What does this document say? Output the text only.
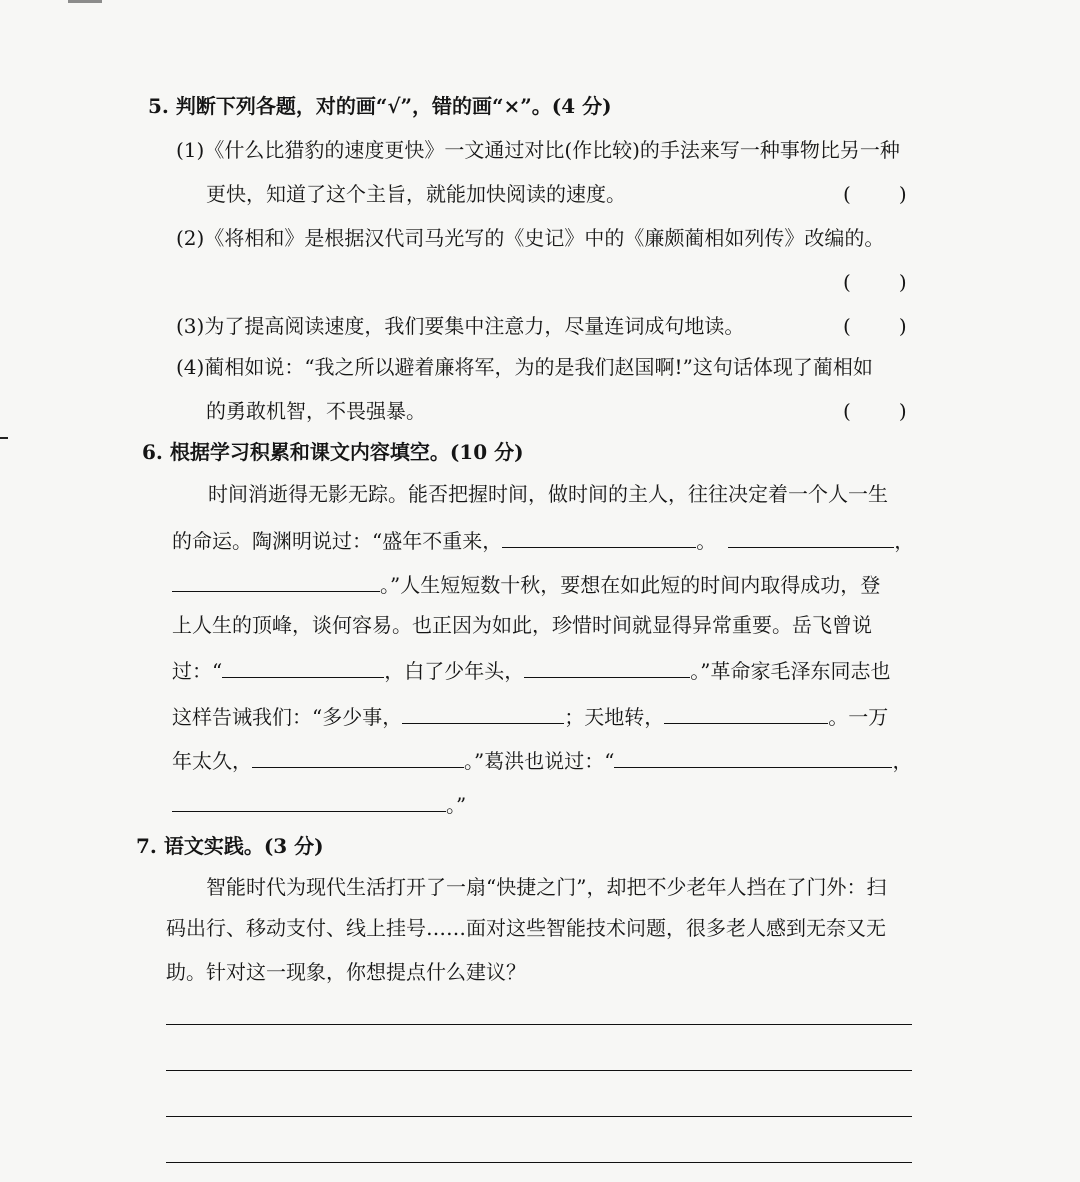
5. 判断下列各题，对的画“√”，错的画“×”。(4 分)
(1)《什么比猎豹的速度更快》一文通过对比(作比较)的手法来写一种事物比另一种
更快，知道了这个主旨，就能加快阅读的速度。	( )
(2)《将相和》是根据汉代司马光写的《史记》中的《廉颇蔺相如列传》改编的。
( )
(3)为了提高阅读速度，我们要集中注意力，尽量连词成句地读。	( )
(4)蔺相如说：“我之所以避着廉将军，为的是我们赵国啊!”这句话体现了蔺相如
的勇敢机智，不畏强暴。	( )
6. 根据学习积累和课文内容填空。(10 分)
时间消逝得无影无踪。能否把握时间，做时间的主人，往往决定着一个人一生
的命运。陶渊明说过：“盛年不重来，	。	，
。”人生短短数十秋，要想在如此短的时间内取得成功，登
上人生的顶峰，谈何容易。也正因为如此，珍惜时间就显得异常重要。岳飞曾说
过：“	，白了少年头，	。”革命家毛泽东同志也
这样告诫我们：“多少事，	；天地转，	。一万
年太久，	。”葛洪也说过：“	，
。”
7. 语文实践。(3 分)
智能时代为现代生活打开了一扇“快捷之门”，却把不少老年人挡在了门外：扫
码出行、移动支付、线上挂号……面对这些智能技术问题，很多老人感到无奈又无
助。针对这一现象，你想提点什么建议？
